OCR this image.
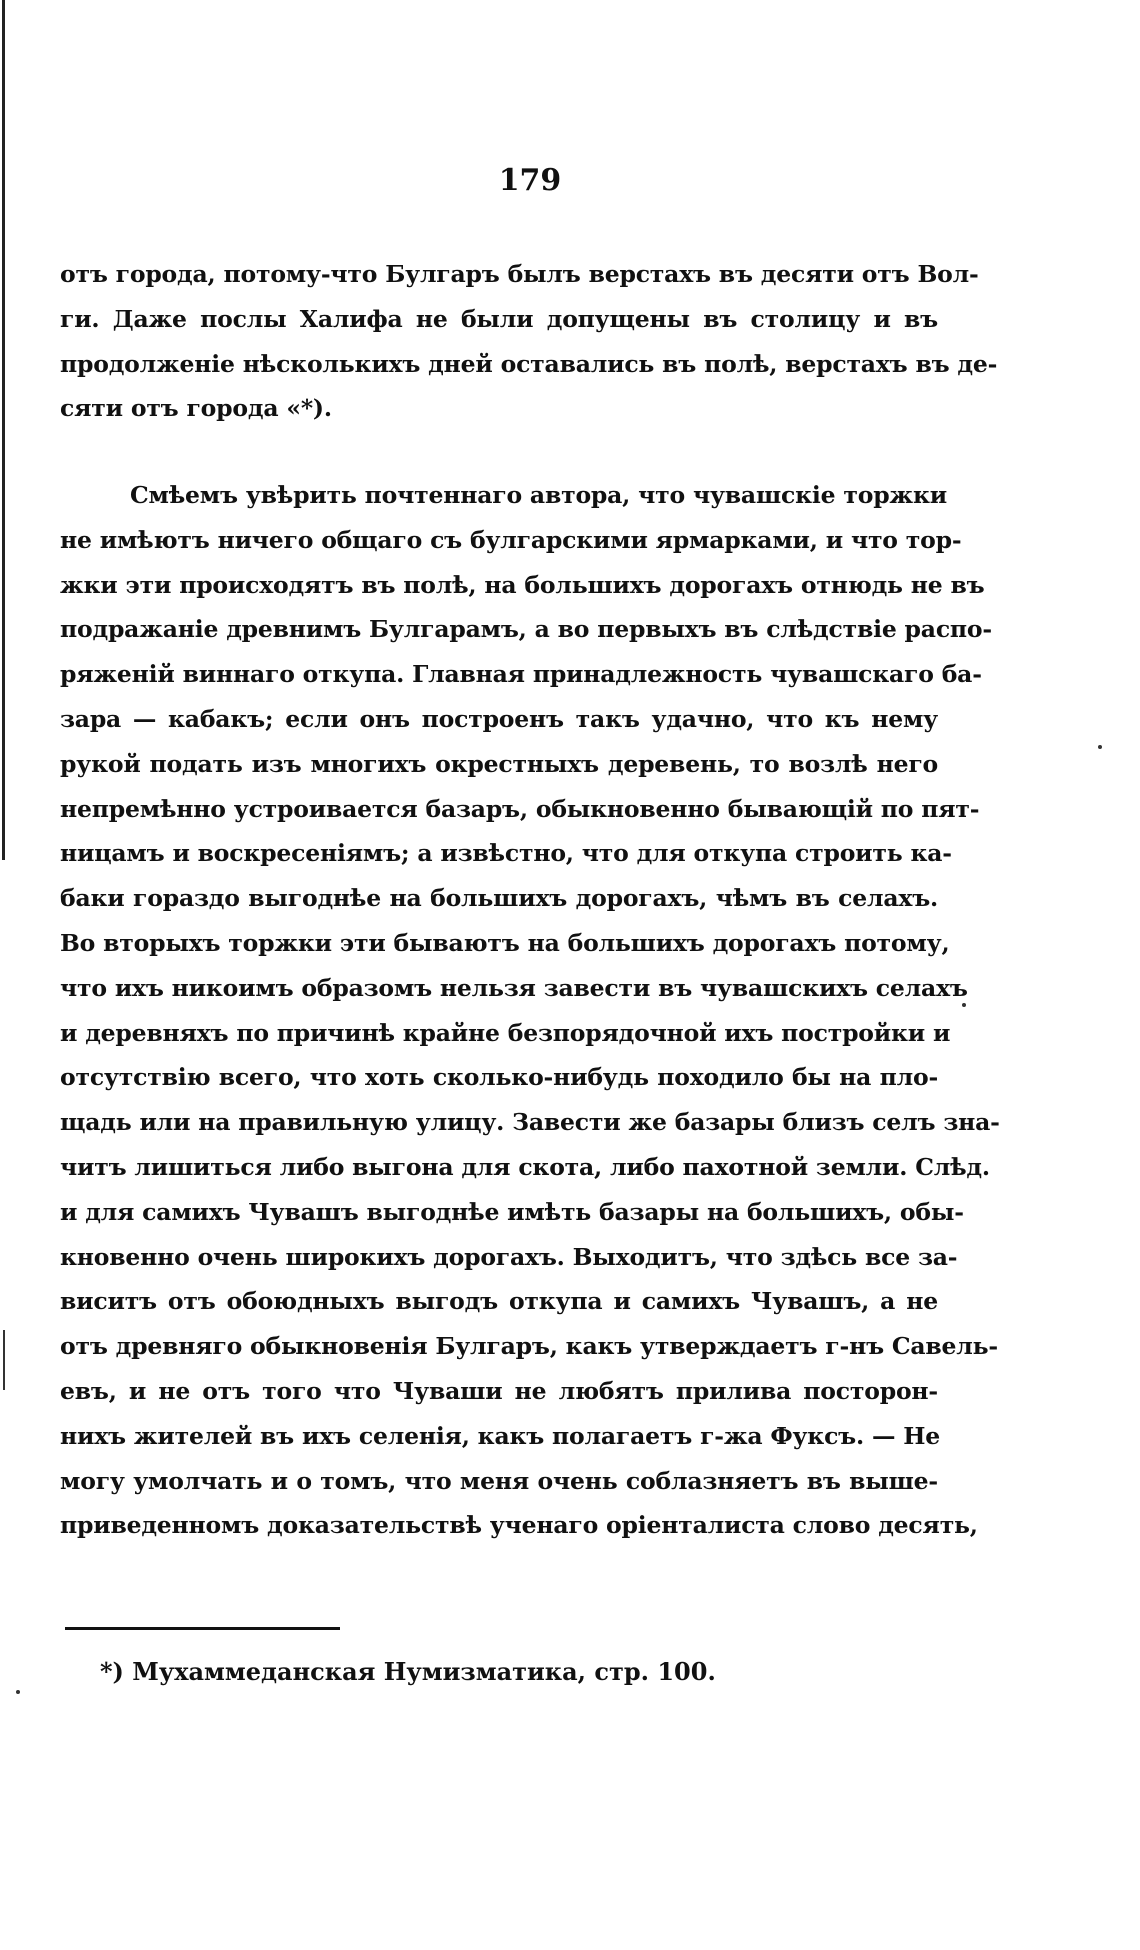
179
отъ города, потому-что Булгаръ былъ верстахъ въ десяти отъ Вол-
ги. Даже послы Халифа не были допущены въ столицу и въ
продолженіе нѣсколькихъ дней оставались въ полѣ, верстахъ въ де-
сяти отъ города «*).
Смѣемъ увѣрить почтеннаго автора, что чувашскіе торжки
не имѣютъ ничего общаго съ булгарскими ярмарками, и что тор-
жки эти происходятъ въ полѣ, на большихъ дорогахъ отнюдь не въ
подражаніе древнимъ Булгарамъ, а во первыхъ въ слѣдствіе распо-
ряженій виннаго откупа. Главная принадлежность чувашскаго ба-
зара — кабакъ; если онъ построенъ такъ удачно, что къ нему
рукой подать изъ многихъ окрестныхъ деревень, то возлѣ него
непремѣнно устроивается базаръ, обыкновенно бывающій по пят-
ницамъ и воскресеніямъ; а извѣстно, что для откупа строить ка-
баки гораздо выгоднѣе на большихъ дорогахъ, чѣмъ въ селахъ.
Во вторыхъ торжки эти бываютъ на большихъ дорогахъ потому,
что ихъ никоимъ образомъ нельзя завести въ чувашскихъ селахъ
и деревняхъ по причинѣ крайне безпорядочной ихъ постройки и
отсутствію всего, что хоть сколько-нибудь походило бы на пло-
щадь или на правильную улицу. Завести же базары близъ селъ зна-
читъ лишиться либо выгона для скота, либо пахотной земли. Слѣд.
и для самихъ Чувашъ выгоднѣе имѣть базары на большихъ, обы-
кновенно очень широкихъ дорогахъ. Выходитъ, что здѣсь все за-
виситъ отъ обоюдныхъ выгодъ откупа и самихъ Чувашъ, а не
отъ древняго обыкновенія Булгаръ, какъ утверждаетъ г-нъ Савель-
евъ, и не отъ того что Чуваши не любятъ прилива посторон-
нихъ жителей въ ихъ селенія, какъ полагаетъ г-жа Фуксъ. — Не
могу умолчать и о томъ, что меня очень соблазняетъ въ выше-
приведенномъ доказательствѣ ученаго оріенталиста слово десять,
*) Мухаммеданская Нумизматика, стр. 100.
